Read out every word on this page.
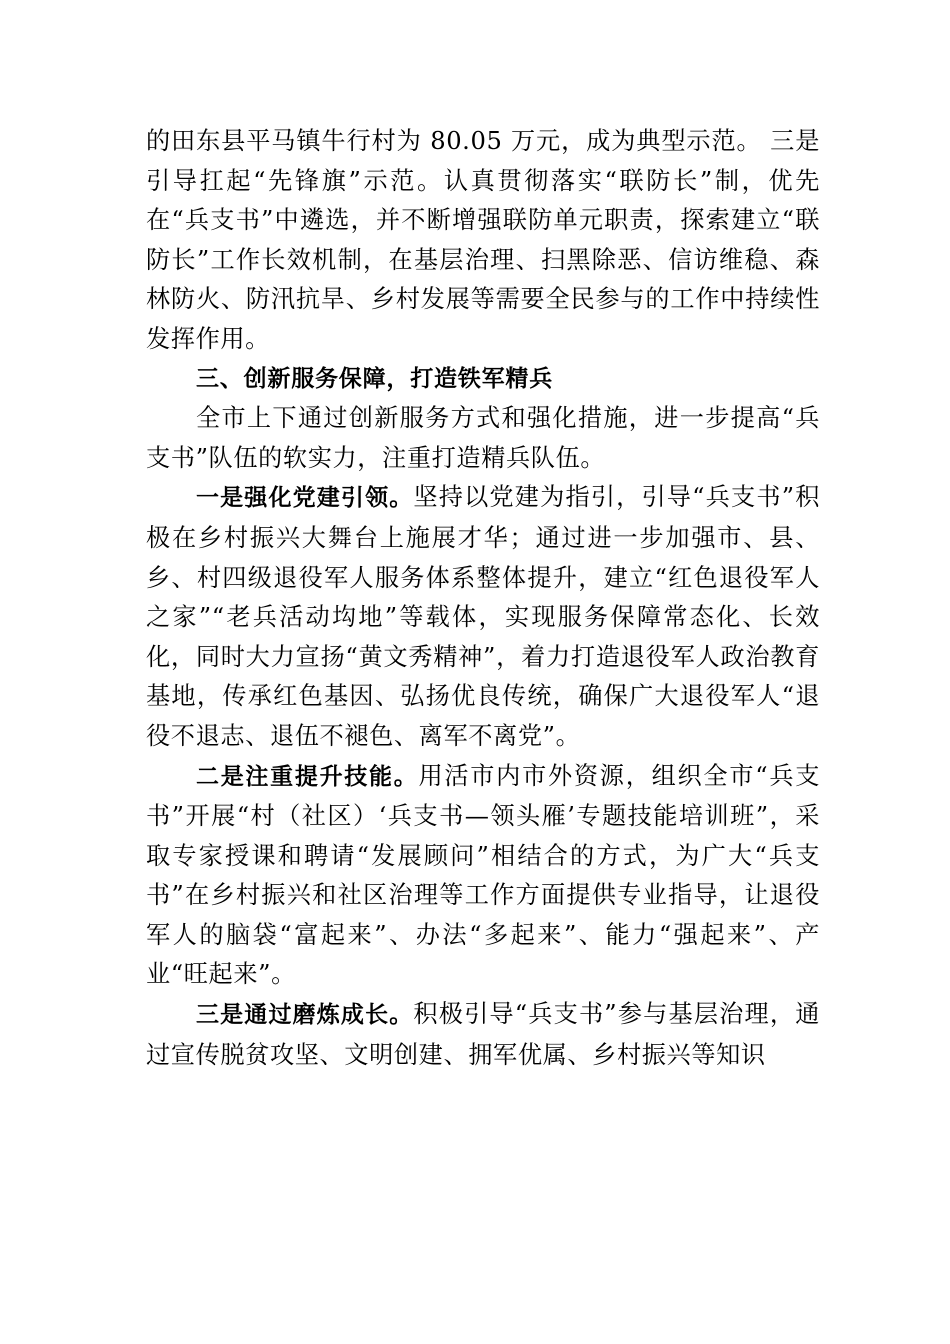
的田东县平马镇牛行村为 80.05 万元，成为典型示范。 三是引导扛起“先锋旗”示范。认真贯彻落实“联防长”制，优先在“兵支书”中遴选，并不断增强联防单元职责，探索建立“联防长”工作长效机制，在基层治理、扫黑除恶、信访维稳、森林防火、防汛抗旱、乡村发展等需要全民参与的工作中持续性发挥作用。

三、创新服务保障，打造铁军精兵

全市上下通过创新服务方式和强化措施，进一步提高“兵支书”队伍的软实力，注重打造精兵队伍。

一是强化党建引领。坚持以党建为指引，引导“兵支书”积极在乡村振兴大舞台上施展才华；通过进一步加强市、县、乡、村四级退役军人服务体系整体提升，建立“红色退役军人之家”“老兵活动㘬地”等载体，实现服务保障常态化、长效化，同时大力宣扬“黄文秀精神”，着力打造退役军人政治教育基地，传承红色基因、弘扬优良传统，确保广大退役军人“退役不退志、退伍不褪色、离军不离党”。

二是注重提升技能。用活市内市外资源，组织全市“兵支书”开展“村（社区）‘兵支书—领头雁’专题技能培训班”，采取专家授课和聘请“发展顾问”相结合的方式，为广大“兵支书”在乡村振兴和社区治理等工作方面提供专业指导，让退役军人的脑袋“富起来”、办法“多起来”、能力“强起来”、产业“旺起来”。

三是通过磨炼成长。积极引导“兵支书”参与基层治理，通过宣传脱贫攻坚、文明创建、拥军优属、乡村振兴等知识
